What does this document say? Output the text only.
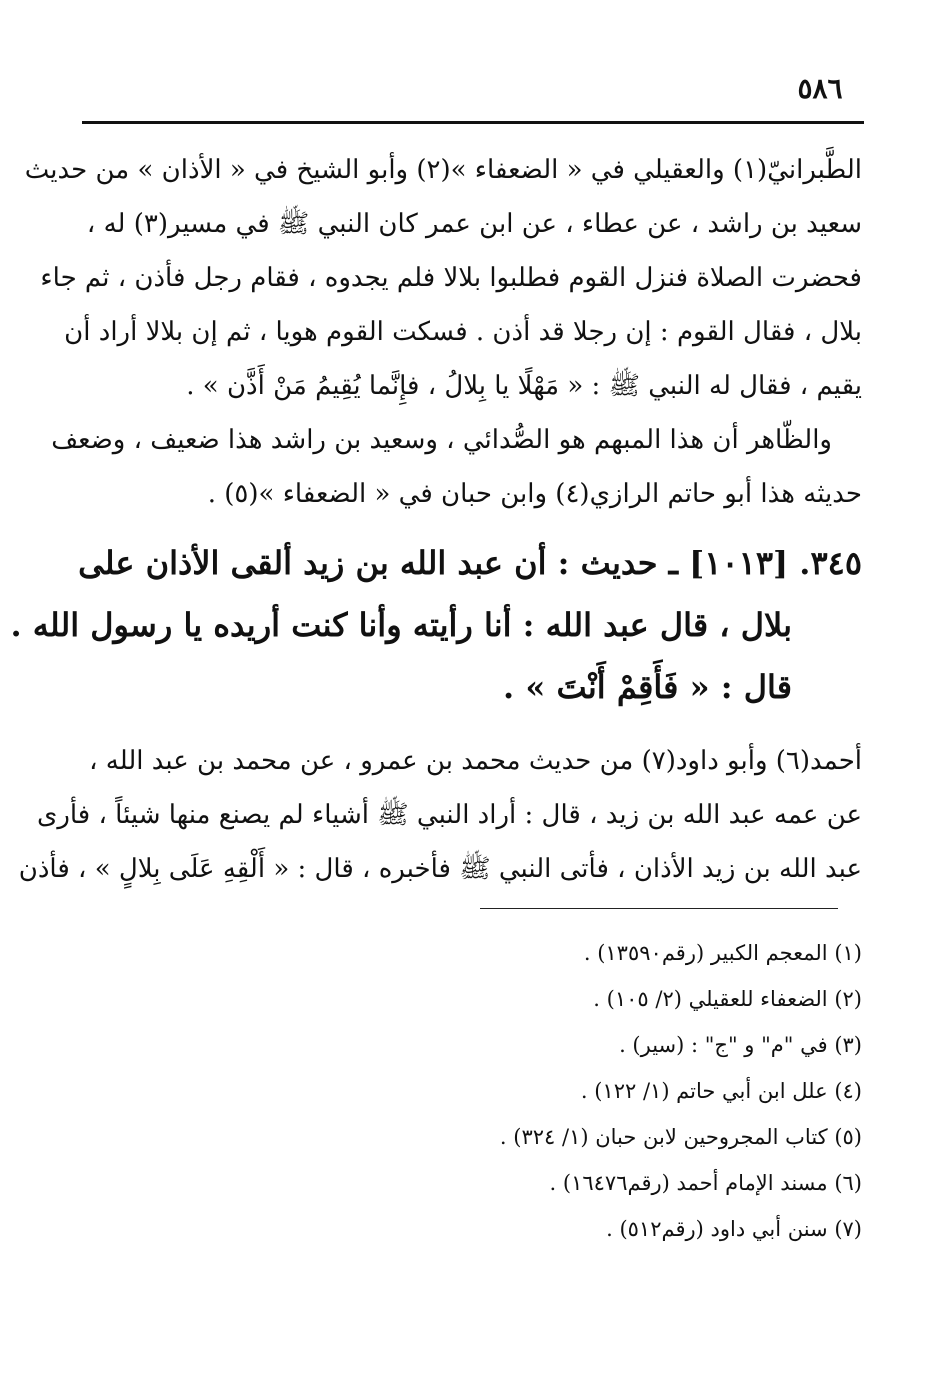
٥٨٦
الطَّبرانيّ(١) والعقيلي في « الضعفاء »(٢) وأبو الشيخ في « الأذان » من حديث
سعيد بن راشد ، عن عطاء ، عن ابن عمر كان النبي ﷺ في مسير(٣) له ،
فحضرت الصلاة فنزل القوم فطلبوا بلالا فلم يجدوه ، فقام رجل فأذن ، ثم جاء
بلال ، فقال القوم : إن رجلا قد أذن . فسكت القوم هويا ، ثم إن بلالا أراد أن
يقيم ، فقال له النبي ﷺ : « مَهْلًا يا بِلالُ ، فإِنَّما يُقِيمُ مَنْ أَذَّن » .
والظّاهر أن هذا المبهم هو الصُّدائي ، وسعيد بن راشد هذا ضعيف ، وضعف
حديثه هذا أبو حاتم الرازي(٤) وابن حبان في « الضعفاء »(٥) .
٣٤٥. [١٠١٣] ـ حديث : أن عبد الله بن زيد ألقى الأذان على
بلال ، قال عبد الله : أنا رأيته وأنا كنت أريده يا رسول الله .
قال : « فَأَقِمْ أَنْتَ » .
أحمد(٦) وأبو داود(٧) من حديث محمد بن عمرو ، عن محمد بن عبد الله ،
عن عمه عبد الله بن زيد ، قال : أراد النبي ﷺ أشياء لم يصنع منها شيئاً ، فأرى
عبد الله بن زيد الأذان ، فأتى النبي ﷺ فأخبره ، قال : « أَلْقِهِ عَلَى بِلالٍ » ، فأذن
(١) المعجم الكبير (رقم١٣٥٩٠) .
(٢) الضعفاء للعقيلي (٢/ ١٠٥) .
(٣) في "م" و "ج" : (سير) .
(٤) علل ابن أبي حاتم (١/ ١٢٢) .
(٥) كتاب المجروحين لابن حبان (١/ ٣٢٤) .
(٦) مسند الإمام أحمد (رقم١٦٤٧٦) .
(٧) سنن أبي داود (رقم٥١٢) .
